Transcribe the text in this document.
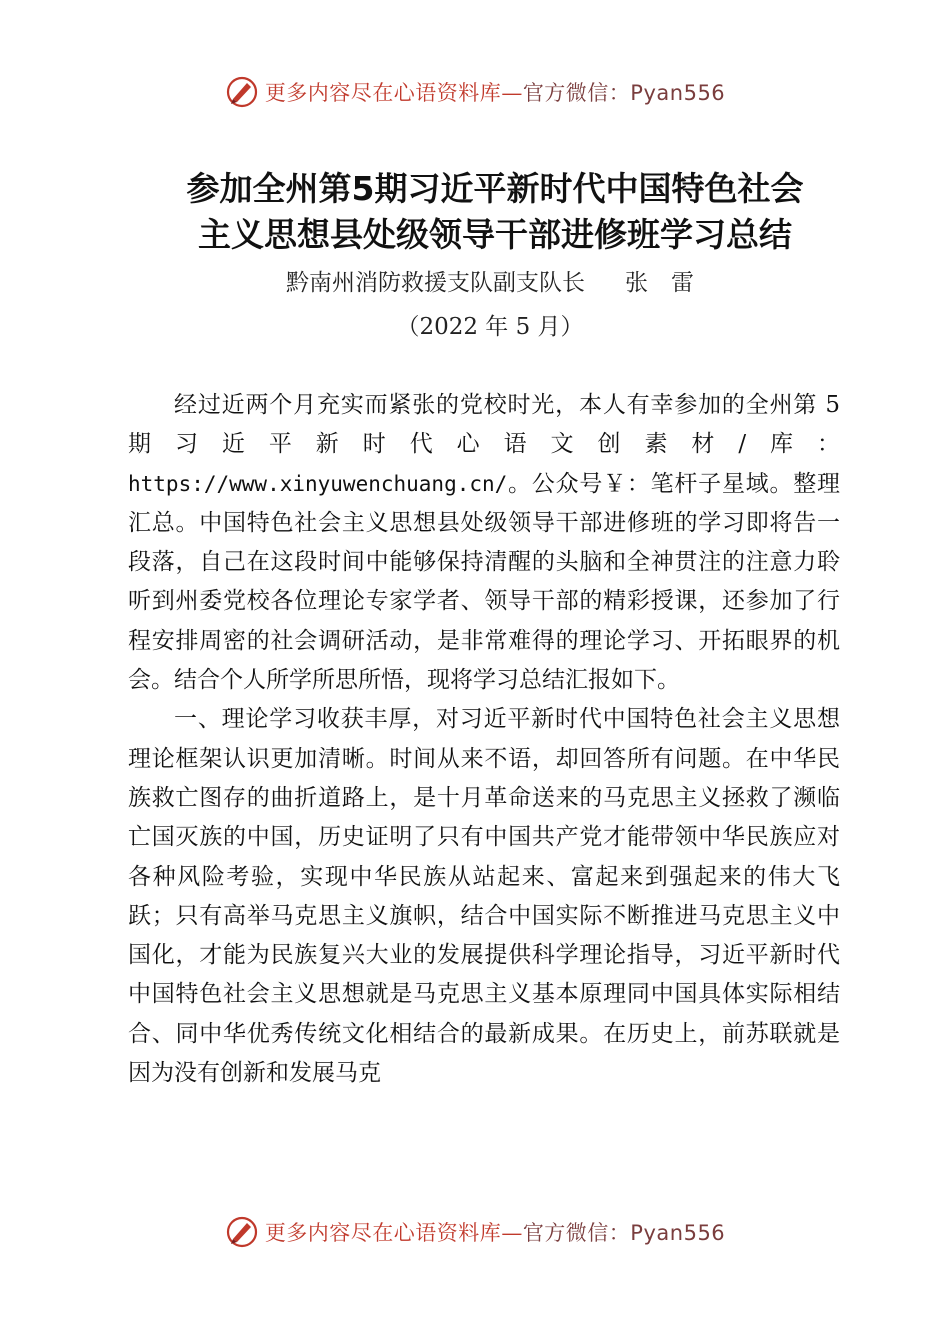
更多内容尽在心语资料库—官方微信：Pyan556
参加全州第5期习近平新时代中国特色社会
主义思想县处级领导干部进修班学习总结
黔南州消防救援支队副支队长 张　雷
（2022 年 5 月）

经过近两个月充实而紧张的党校时光，本人有幸参加的全州第 5 期习近平新时代心语文创素材/库：https://www.xinyuwenchuang.cn/。公众号￥：笔杆子星域。整理汇总。中国特色社会主义思想县处级领导干部进修班的学习即将告一段落，自己在这段时间中能够保持清醒的头脑和全神贯注的注意力聆听到州委党校各位理论专家学者、领导干部的精彩授课，还参加了行程安排周密的社会调研活动，是非常难得的理论学习、开拓眼界的机会。结合个人所学所思所悟，现将学习总结汇报如下。

一、理论学习收获丰厚，对习近平新时代中国特色社会主义思想理论框架认识更加清晰。时间从来不语，却回答所有问题。在中华民族救亡图存的曲折道路上，是十月革命送来的马克思主义拯救了濒临亡国灭族的中国，历史证明了只有中国共产党才能带领中华民族应对各种风险考验，实现中华民族从站起来、富起来到强起来的伟大飞跃；只有高举马克思主义旗帜，结合中国实际不断推进马克思主义中国化，才能为民族复兴大业的发展提供科学理论指导，习近平新时代中国特色社会主义思想就是马克思主义基本原理同中国具体实际相结合、同中华优秀传统文化相结合的最新成果。在历史上，前苏联就是因为没有创新和发展马克

更多内容尽在心语资料库—官方微信：Pyan556
